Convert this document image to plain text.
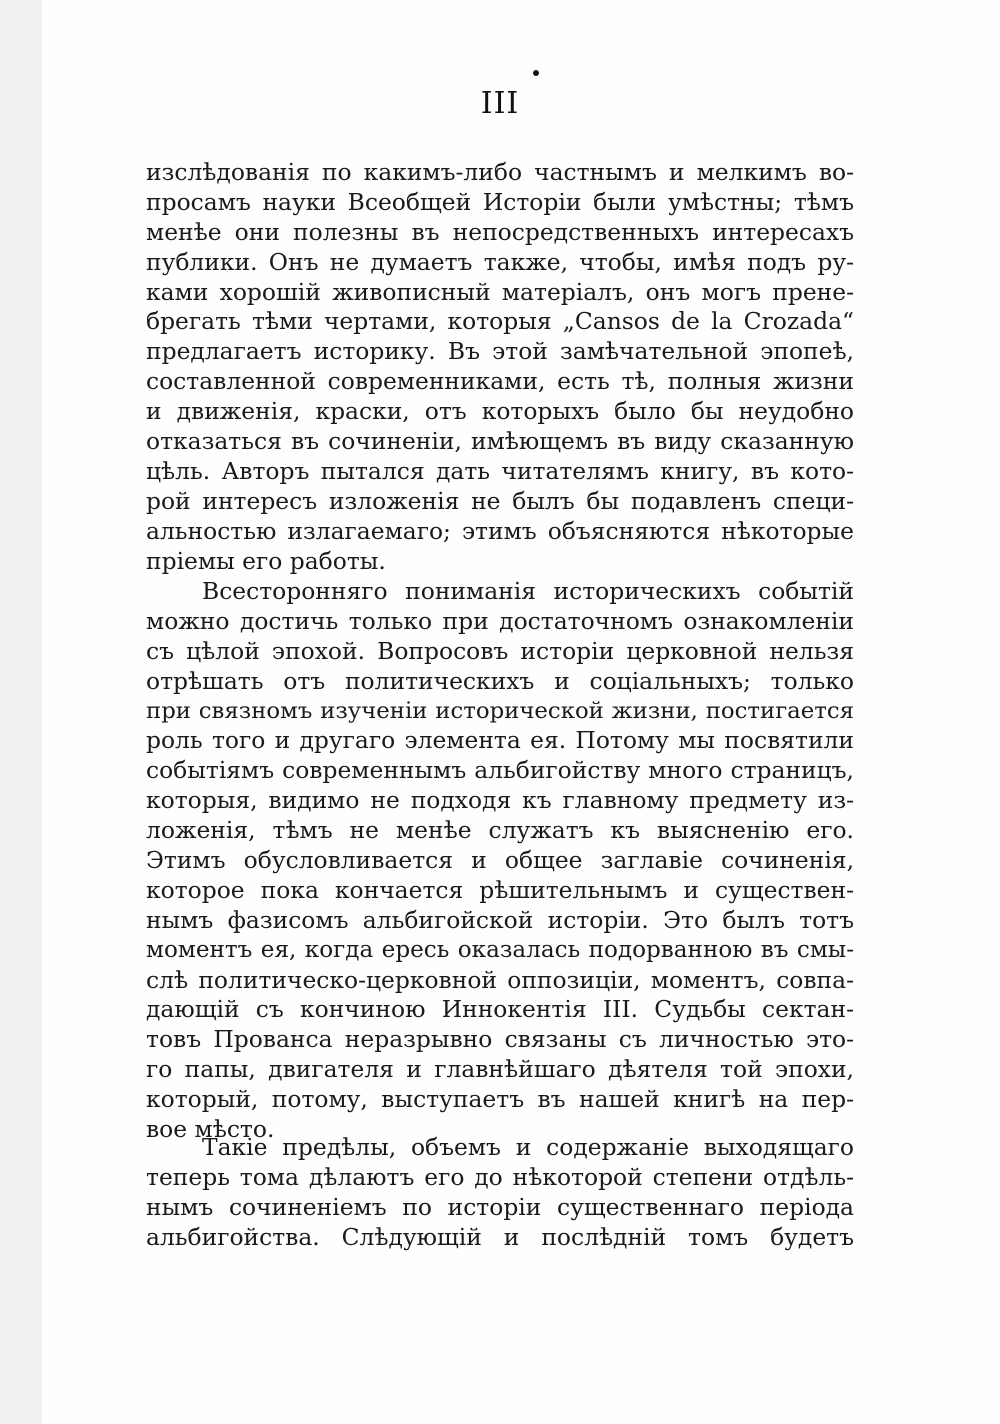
III
изслѣдованія по какимъ-либо частнымъ и мелкимъ во-
просамъ науки Всеобщей Исторіи были умѣстны; тѣмъ
менѣе они полезны въ непосредственныхъ интересахъ
публики. Онъ не думаетъ также, чтобы, имѣя подъ ру-
ками хорошій живописный матеріалъ, онъ могъ прене-
брегать тѣми чертами, которыя „Cansos de la Crozada“
предлагаетъ историку. Въ этой замѣчательной эпопеѣ,
составленной современниками, есть тѣ, полныя жизни
и движенія, краски, отъ которыхъ было бы неудобно
отказаться въ сочиненіи, имѣющемъ въ виду сказанную
цѣль. Авторъ пытался дать читателямъ книгу, въ кото-
рой интересъ изложенія не былъ бы подавленъ специ-
альностью излагаемаго; этимъ объясняются нѣкоторые
пріемы его работы.
Всесторонняго пониманія историческихъ событій
можно достичь только при достаточномъ ознакомленіи
съ цѣлой эпохой. Вопросовъ исторіи церковной нельзя
отрѣшать отъ политическихъ и соціальныхъ; только
при связномъ изученіи исторической жизни, постигается
роль того и другаго элемента ея. Потому мы посвятили
событіямъ современнымъ альбигойству много страницъ,
которыя, видимо не подходя къ главному предмету из-
ложенія, тѣмъ не менѣе служатъ къ выясненію его.
Этимъ обусловливается и общее заглавіе сочиненія,
которое пока кончается рѣшительнымъ и существен-
нымъ фазисомъ альбигойской исторіи. Это былъ тотъ
моментъ ея, когда ересь оказалась подорванною въ смы-
слѣ политическо-церковной оппозиціи, моментъ, совпа-
дающій съ кончиною Иннокентія III. Судьбы сектан-
товъ Прованса неразрывно связаны съ личностью это-
го папы, двигателя и главнѣйшаго дѣятеля той эпохи,
который, потому, выступаетъ въ нашей книгѣ на пер-
вое мѣсто.
Такіе предѣлы, объемъ и содержаніе выходящаго
теперь тома дѣлаютъ его до нѣкоторой степени отдѣль-
нымъ сочиненіемъ по исторіи существеннаго періода
альбигойства. Слѣдующій и послѣдній томъ будетъ
